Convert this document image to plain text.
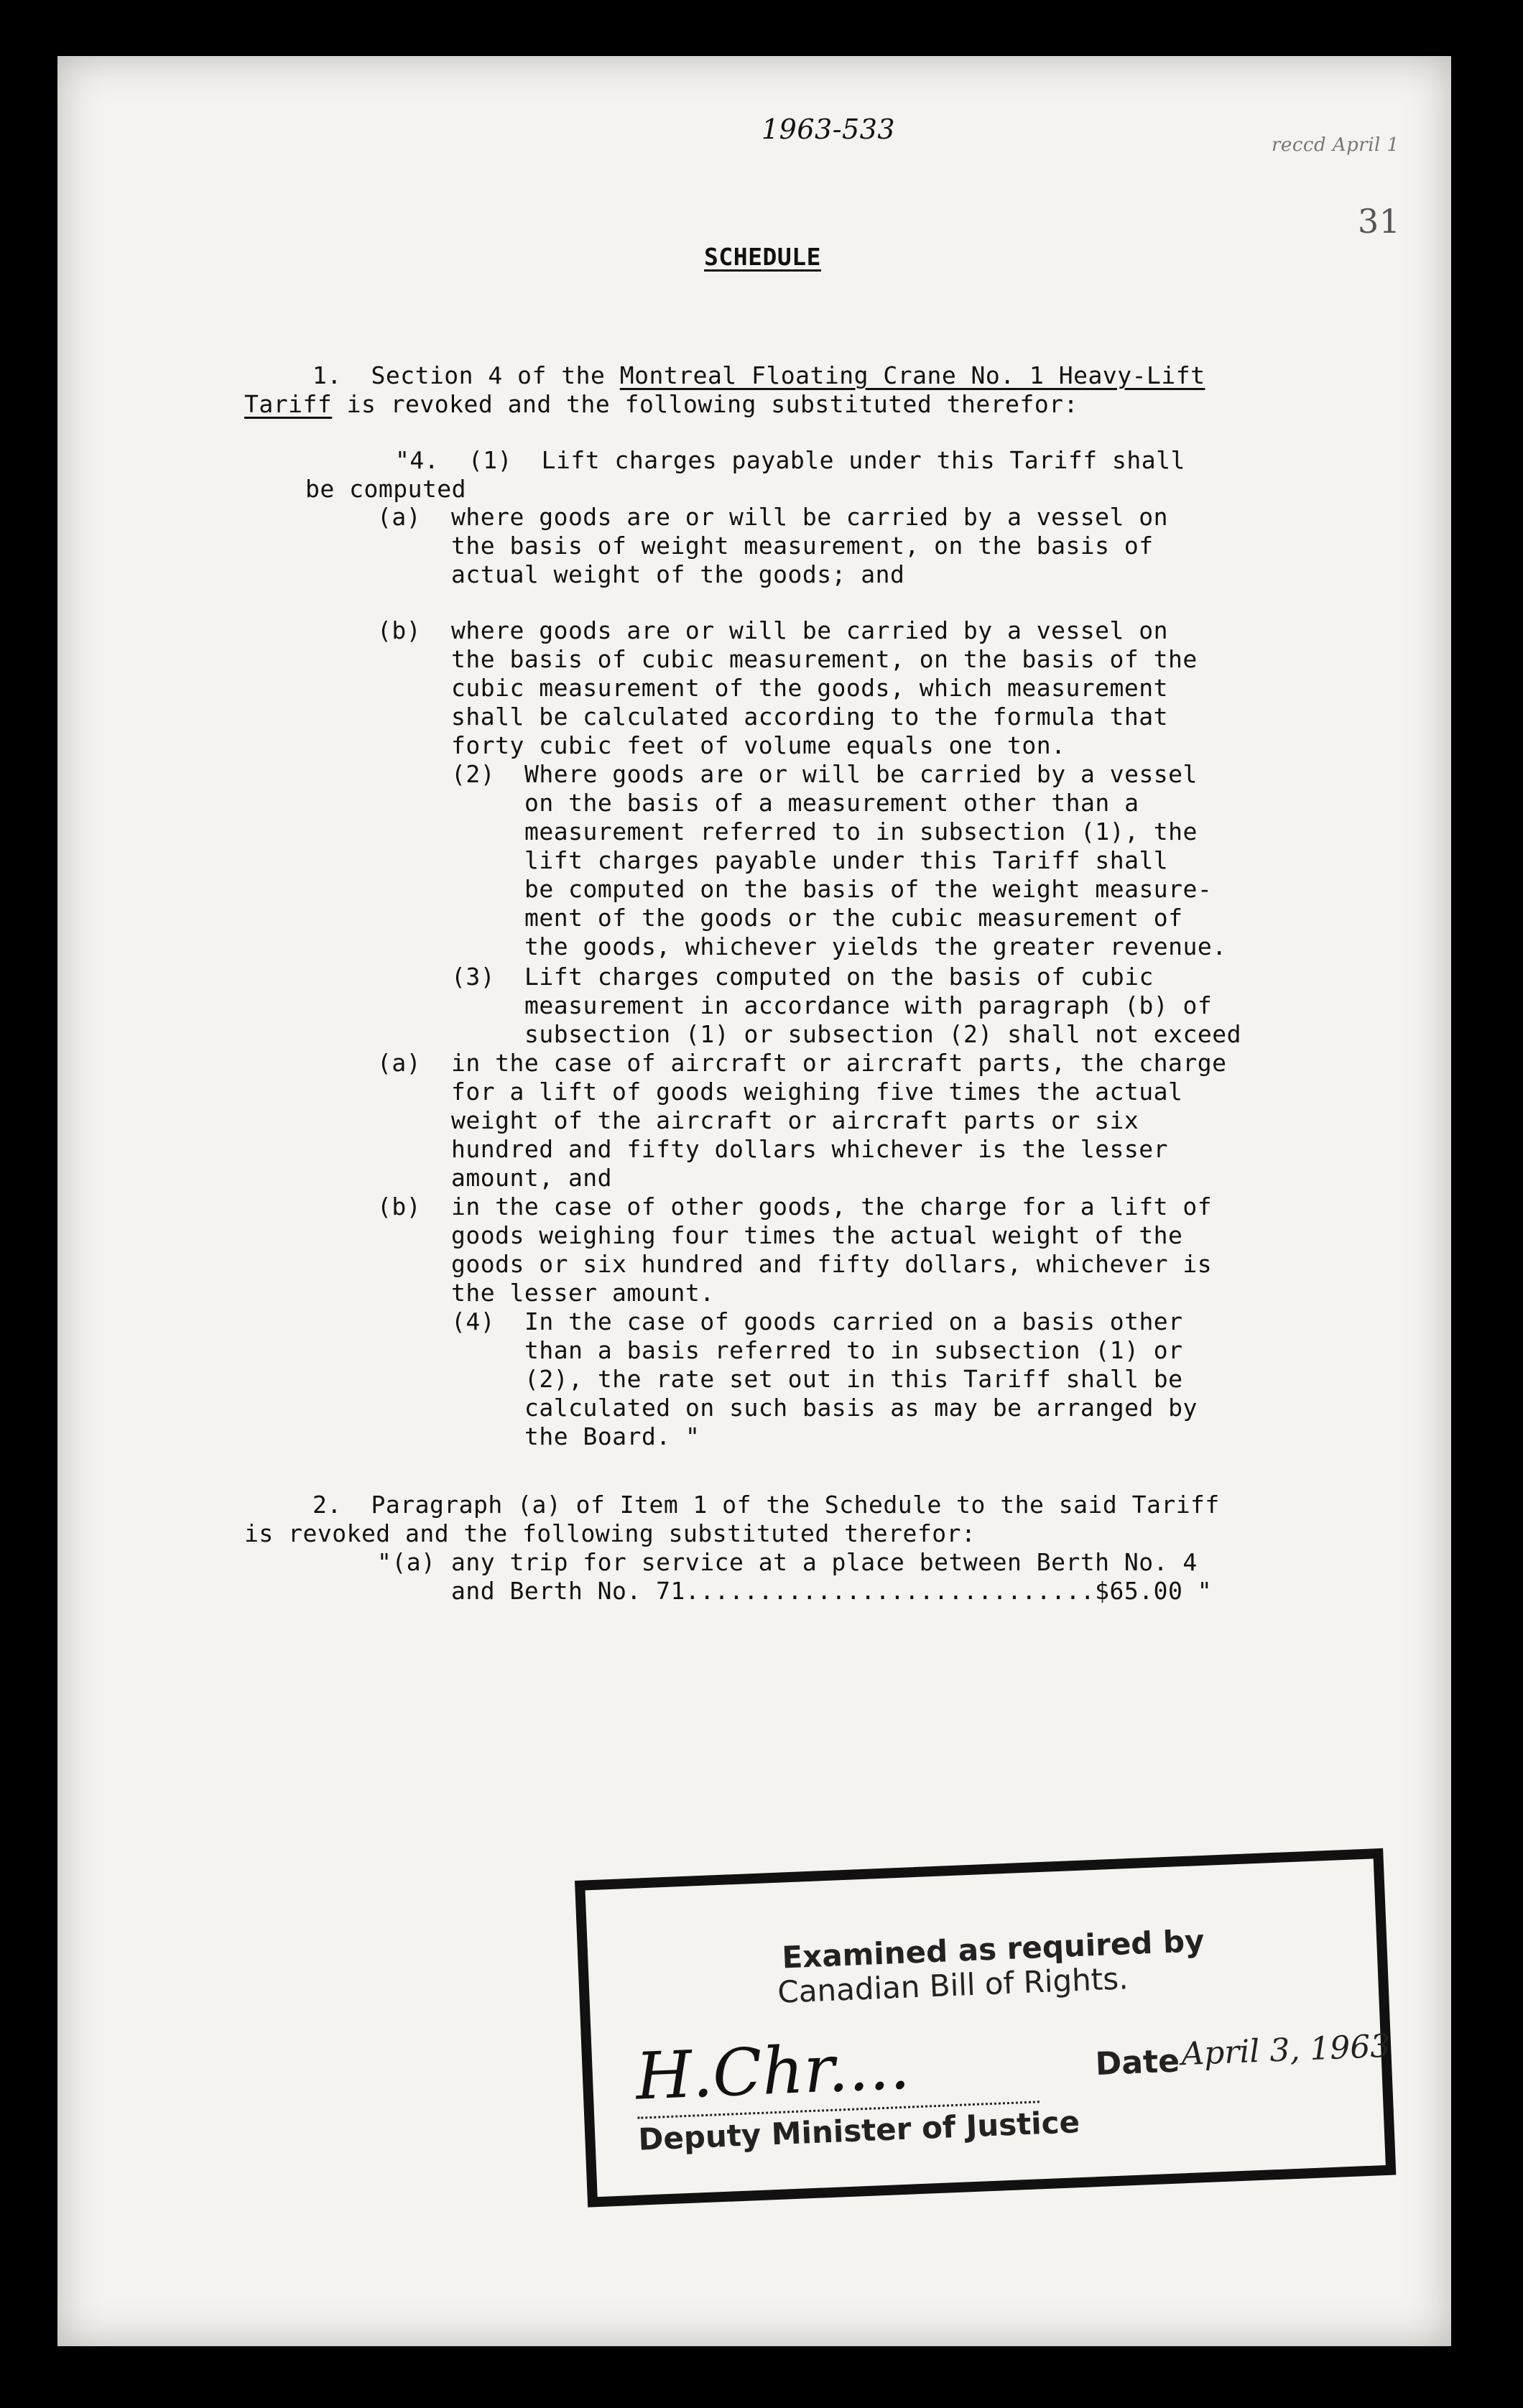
1963-533	reccd April 1
31
SCHEDULE
1.  Section 4 of the Montreal Floating Crane No. 1 Heavy-Lift
Tariff is revoked and the following substituted therefor:
"4.  (1)  Lift charges payable under this Tariff shall
be computed
(a) where goods are or will be carried by a vessel on
the basis of weight measurement, on the basis of
actual weight of the goods; and
(b) where goods are or will be carried by a vessel on
the basis of cubic measurement, on the basis of the
cubic measurement of the goods, which measurement
shall be calculated according to the formula that
forty cubic feet of volume equals one ton.
(2) Where goods are or will be carried by a vessel
on the basis of a measurement other than a
measurement referred to in subsection (1), the
lift charges payable under this Tariff shall
be computed on the basis of the weight measure-
ment of the goods or the cubic measurement of
the goods, whichever yields the greater revenue.
(3) Lift charges computed on the basis of cubic
measurement in accordance with paragraph (b) of
subsection (1) or subsection (2) shall not exceed
(a) in the case of aircraft or aircraft parts, the charge
for a lift of goods weighing five times the actual
weight of the aircraft or aircraft parts or six
hundred and fifty dollars whichever is the lesser
amount, and
(b) in the case of other goods, the charge for a lift of
goods weighing four times the actual weight of the
goods or six hundred and fifty dollars, whichever is
the lesser amount.
(4) In the case of goods carried on a basis other
than a basis referred to in subsection (1) or
(2), the rate set out in this Tariff shall be
calculated on such basis as may be arranged by
the Board. "
2.  Paragraph (a) of Item 1 of the Schedule to the said Tariff
is revoked and the following substituted therefor:
"(a) any trip for service at a place between Berth No. 4
and Berth No. 71............................$65.00 "
Examined as required by
Canadian Bill of Rights.
H.Chr....	Date April 3, 1963
Deputy Minister of Justice
